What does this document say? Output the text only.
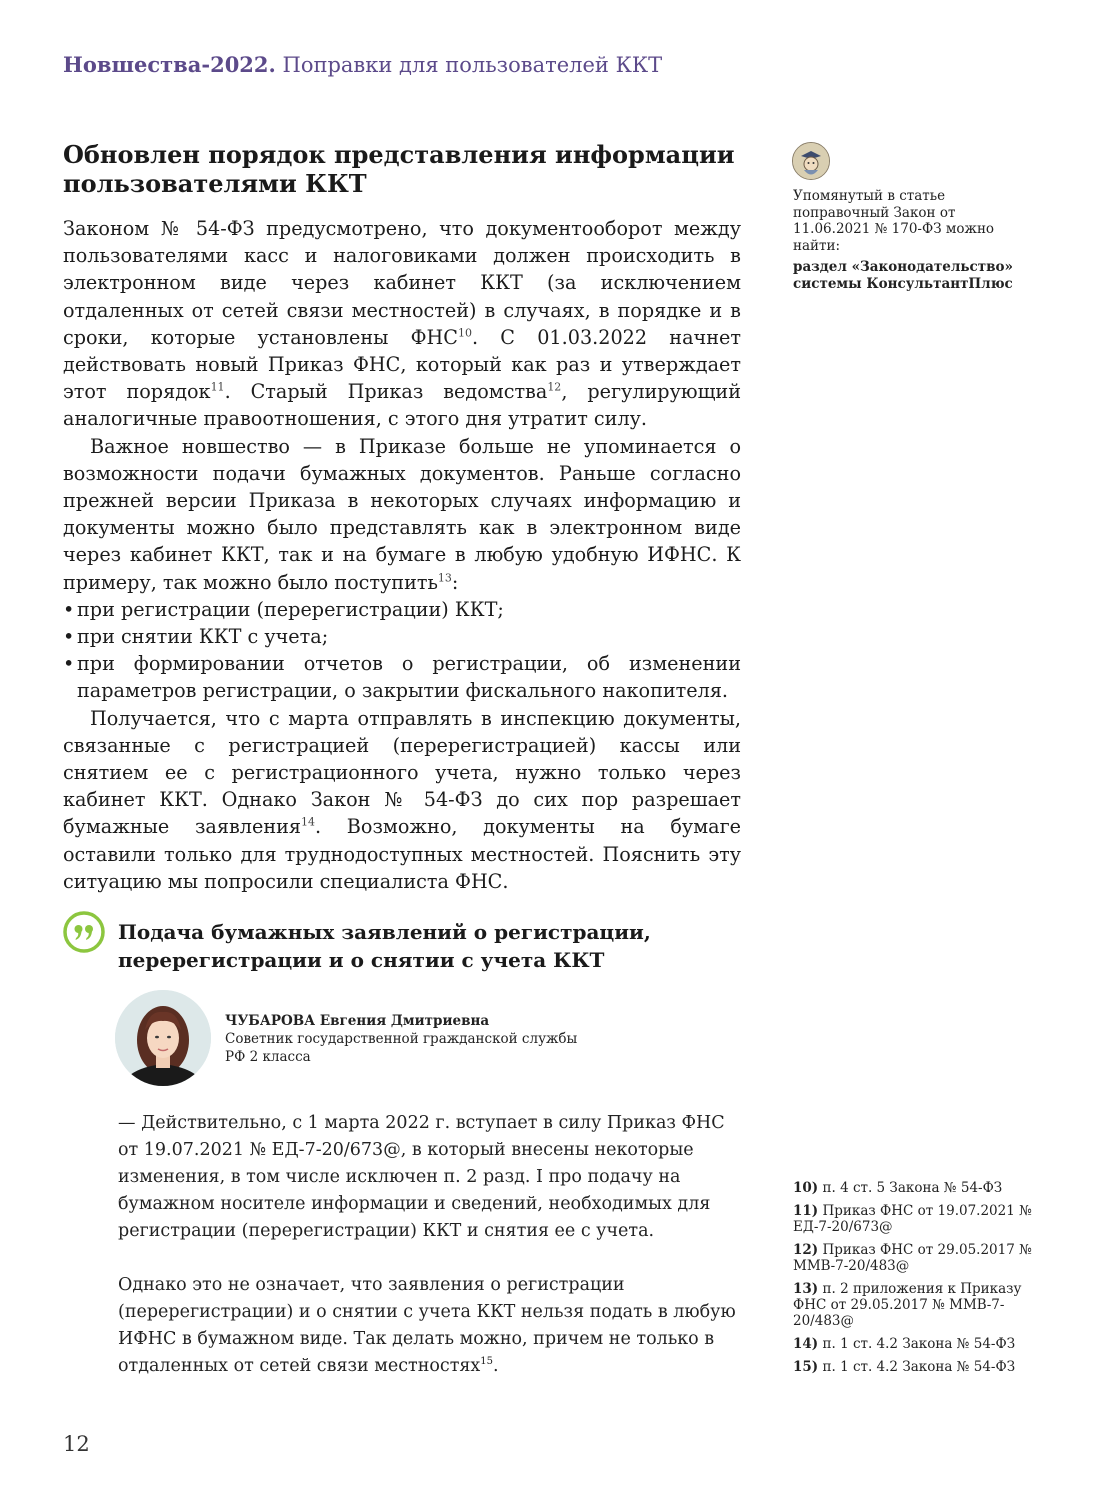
Новшества-2022. Поправки для пользователей ККТ
Обновлен порядок представления информации пользователями ККТ

Законом № 54-ФЗ предусмотрено, что документооборот между пользователями касс и налоговиками должен происходить в электронном виде через кабинет ККТ (за исключением отдаленных от сетей связи местностей) в случаях, в порядке и в сроки, которые установлены ФНС$^{10}$. С 01.03.2022 начнет действовать новый Приказ ФНС, который как раз и утверждает этот порядок$^{11}$. Старый Приказ ведомства$^{12}$, регулирующий аналогичные правоотношения, с этого дня утратит силу.

Важное новшество — в Приказе больше не упоминается о возможности подачи бумажных документов. Раньше согласно прежней версии Приказа в некоторых случаях информацию и документы можно было представлять как в электронном виде через кабинет ККТ, так и на бумаге в любую удобную ИФНС. К примеру, так можно было поступить$^{13}$:

• при регистрации (перерегистрации) ККТ;
• при снятии ККТ с учета;
• при формировании отчетов о регистрации, об изменении параметров регистрации, о закрытии фискального накопителя.

Получается, что с марта отправлять в инспекцию документы, связанные с регистрацией (перерегистрацией) кассы или снятием ее с регистрационного учета, нужно только через кабинет ККТ. Однако Закон № 54-ФЗ до сих пор разрешает бумажные заявления$^{14}$. Возможно, документы на бумаге оставили только для труднодоступных местностей. Пояснить эту ситуацию мы попросили специалиста ФНС.

Упомянутый в статье поправочный Закон от 11.06.2021 № 170-ФЗ можно найти:
раздел «Законодательство» системы КонсультантПлюс
Подача бумажных заявлений о регистрации, перерегистрации и о снятии с учета ККТ
ЧУБАРОВА Евгения Дмитриевна
Советник государственной гражданской службы РФ 2 класса

— Действительно, с 1 марта 2022 г. вступает в силу Приказ ФНС от 19.07.2021 № ЕД-7-20/673@, в который внесены некоторые изменения, в том числе исключен п. 2 разд. I про подачу на бумажном носителе информации и сведений, необходимых для регистрации (перерегистрации) ККТ и снятия ее с учета.

Однако это не означает, что заявления о регистрации (перерегистрации) и о снятии с учета ККТ нельзя подать в любую ИФНС в бумажном виде. Так делать можно, причем не только в отдаленных от сетей связи местностях$^{15}$.

10) п. 4 ст. 5 Закона № 54-ФЗ
11) Приказ ФНС от 19.07.2021 № ЕД-7-20/673@
12) Приказ ФНС от 29.05.2017 № ММВ-7-20/483@
13) п. 2 приложения к Приказу ФНС от 29.05.2017 № ММВ-7-20/483@
14) п. 1 ст. 4.2 Закона № 54-ФЗ
15) п. 1 ст. 4.2 Закона № 54-ФЗ
12
